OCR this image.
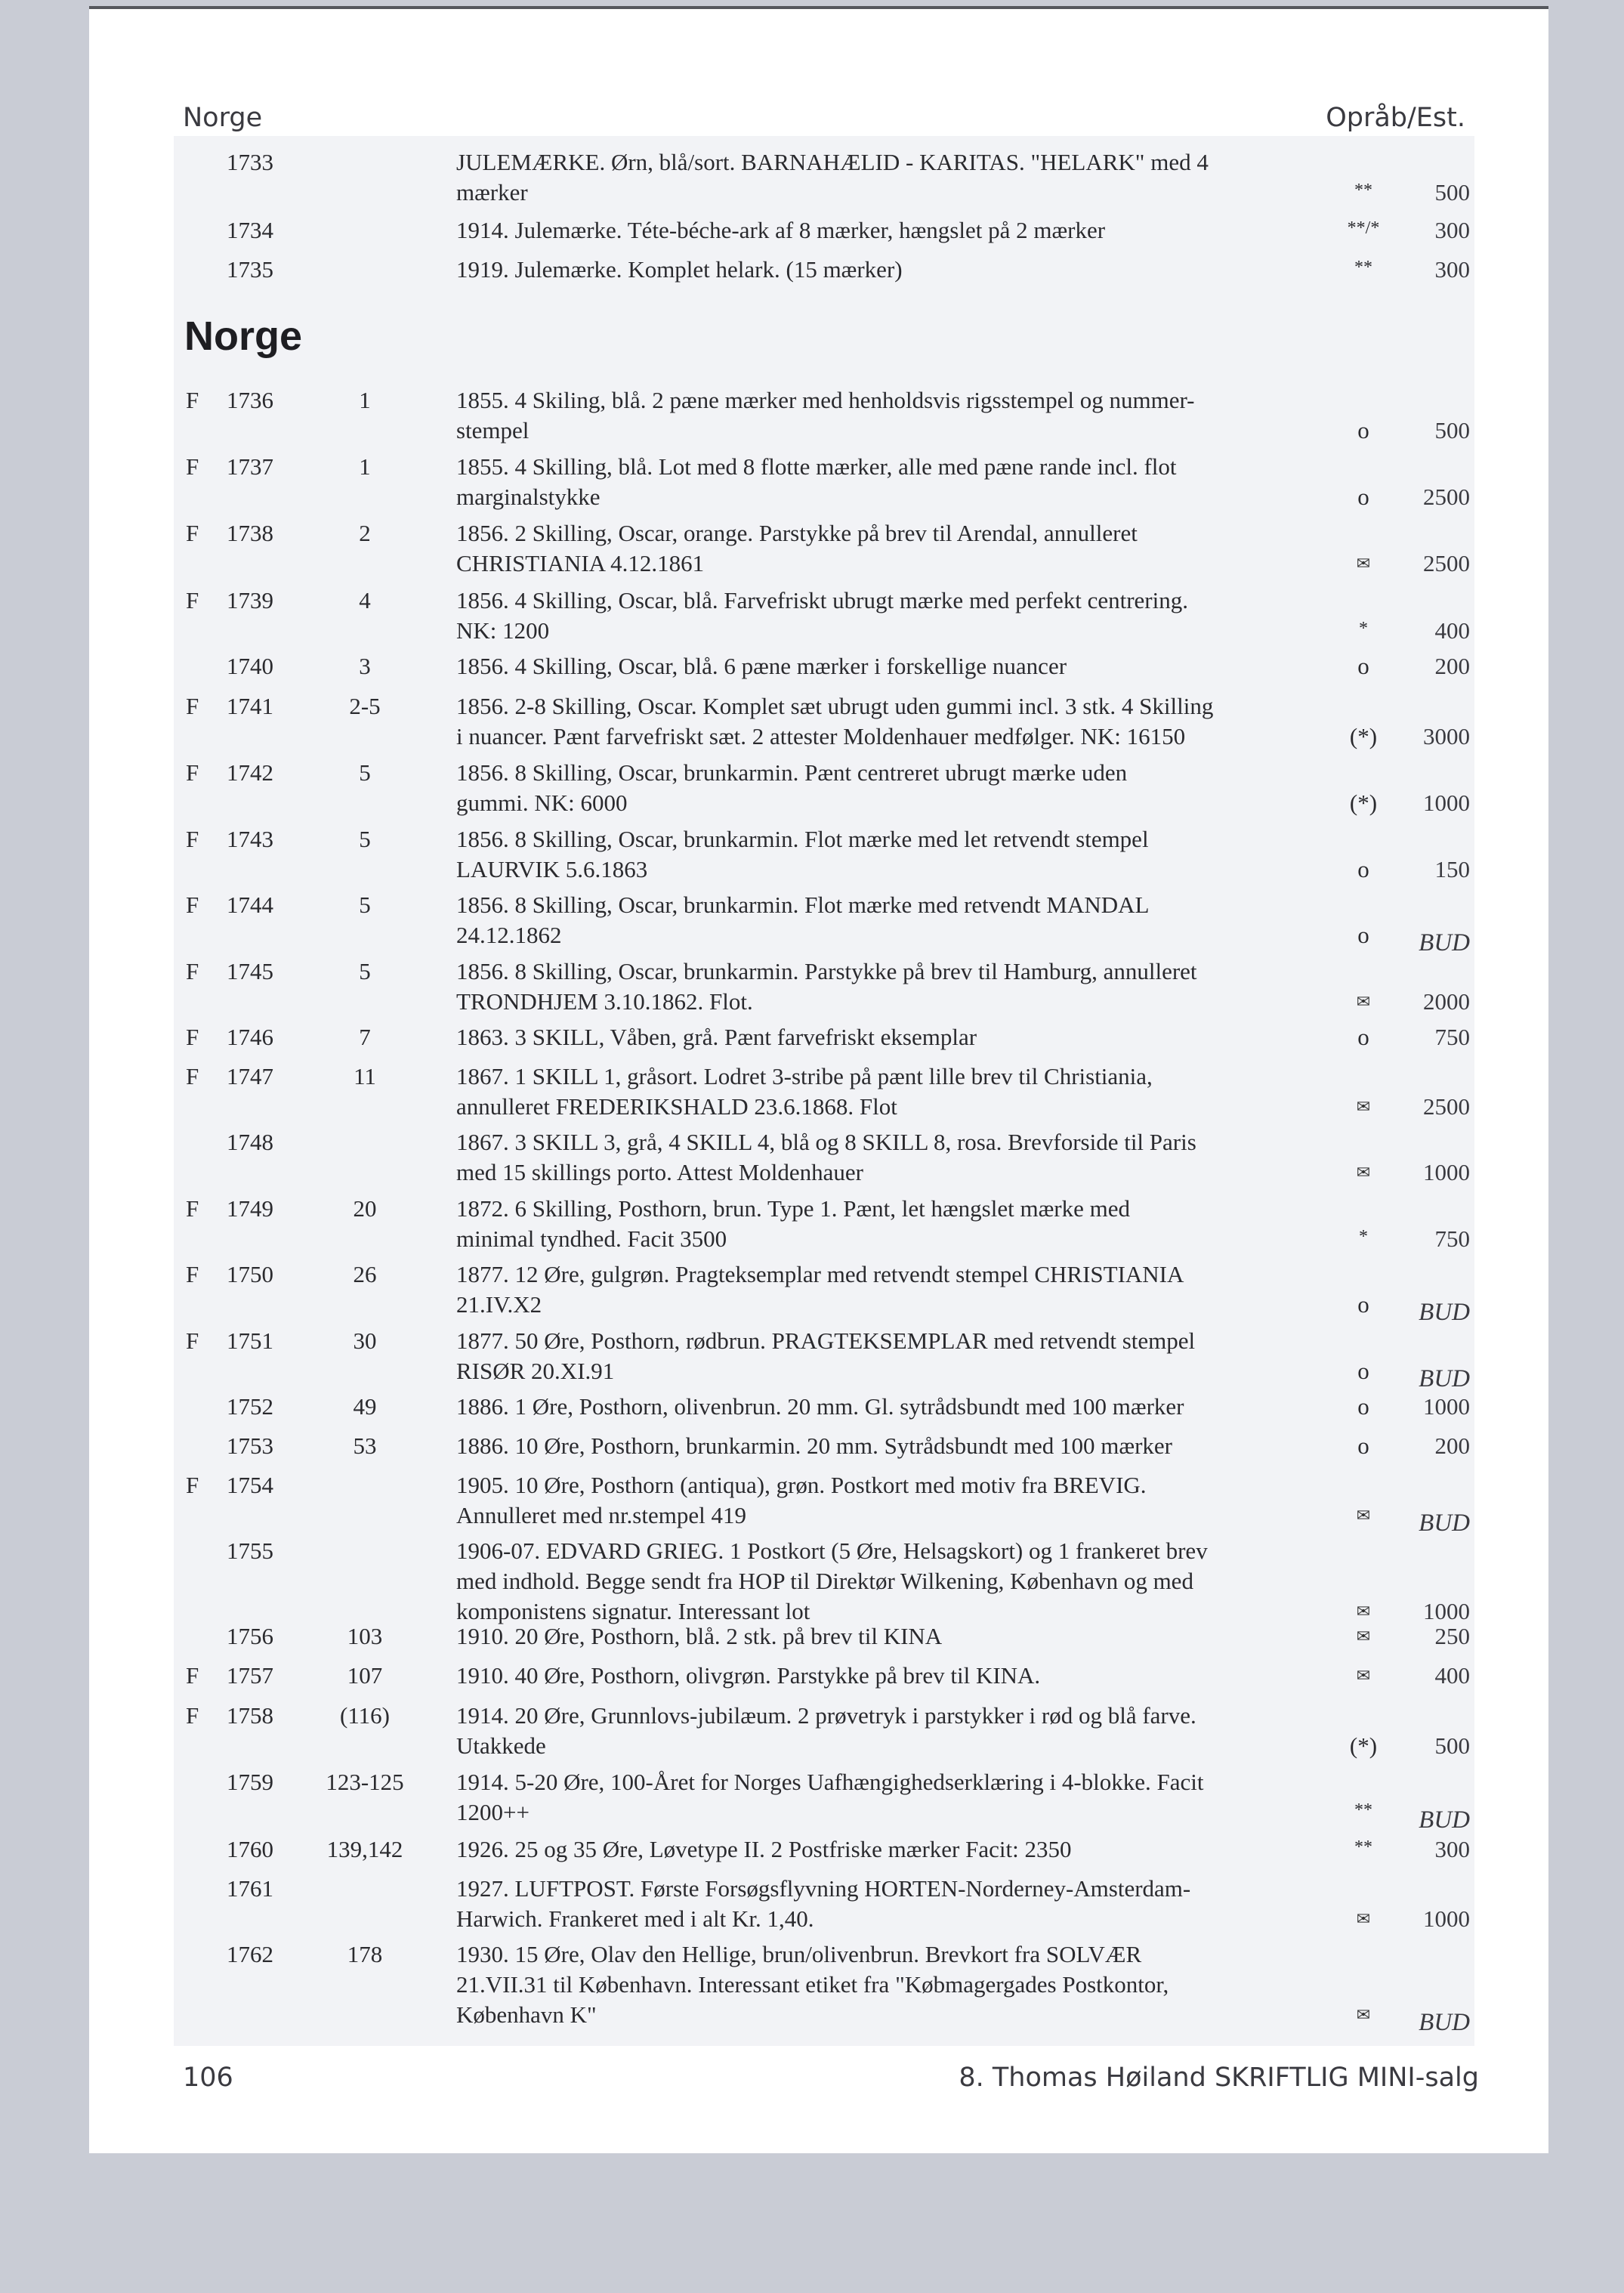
Norge	Opråb/Est.
Norge
1733	JULEMÆRKE. Ørn, blå/sort. BARNAHÆLID - KARITAS. "HELARK" med 4
mærker	**	500
1734	1914. Julemærke. Téte-béche-ark af 8 mærker, hængslet på 2 mærker	**/*	300
1735	1919. Julemærke. Komplet helark. (15 mærker)	**	300
F 1736	1	1855. 4 Skiling, blå. 2 pæne mærker med henholdsvis rigsstempel og nummer-
stempel	o	500
F 1737	1	1855. 4 Skilling, blå. Lot med 8 flotte mærker, alle med pæne rande incl. flot
marginalstykke	o	2500
F 1738	2	1856. 2 Skilling, Oscar, orange. Parstykke på brev til Arendal, annulleret
CHRISTIANIA 4.12.1861	✉	2500
F 1739	4	1856. 4 Skilling, Oscar, blå. Farvefriskt ubrugt mærke med perfekt centrering.
NK: 1200	*	400
1740	3	1856. 4 Skilling, Oscar, blå. 6 pæne mærker i forskellige nuancer	o	200
F 1741	2-5	1856. 2-8 Skilling, Oscar. Komplet sæt ubrugt uden gummi incl. 3 stk. 4 Skilling
i nuancer. Pænt farvefriskt sæt. 2 attester Moldenhauer medfølger. NK: 16150	(*)	3000
F 1742	5	1856. 8 Skilling, Oscar, brunkarmin. Pænt centreret ubrugt mærke uden
gummi. NK: 6000	(*)	1000
F 1743	5	1856. 8 Skilling, Oscar, brunkarmin. Flot mærke med let retvendt stempel
LAURVIK 5.6.1863	o	150
F 1744	5	1856. 8 Skilling, Oscar, brunkarmin. Flot mærke med retvendt MANDAL
24.12.1862	o	BUD
F 1745	5	1856. 8 Skilling, Oscar, brunkarmin. Parstykke på brev til Hamburg, annulleret
TRONDHJEM 3.10.1862. Flot.	✉	2000
F 1746	7	1863. 3 SKILL, Våben, grå. Pænt farvefriskt eksemplar	o	750
F 1747	11	1867. 1 SKILL 1, gråsort. Lodret 3-stribe på pænt lille brev til Christiania,
annulleret FREDERIKSHALD 23.6.1868. Flot	✉	2500
1748	1867. 3 SKILL 3, grå, 4 SKILL 4, blå og 8 SKILL 8, rosa. Brevforside til Paris
med 15 skillings porto. Attest Moldenhauer	✉	1000
F 1749	20	1872. 6 Skilling, Posthorn, brun. Type 1. Pænt, let hængslet mærke med
minimal tyndhed. Facit 3500	*	750
F 1750	26	1877. 12 Øre, gulgrøn. Pragteksemplar med retvendt stempel CHRISTIANIA
21.IV.X2	o	BUD
F 1751	30	1877. 50 Øre, Posthorn, rødbrun. PRAGTEKSEMPLAR med retvendt stempel
RISØR 20.XI.91	o	BUD
1752	49	1886. 1 Øre, Posthorn, olivenbrun. 20 mm. Gl. sytrådsbundt med 100 mærker	o	1000
1753	53	1886. 10 Øre, Posthorn, brunkarmin. 20 mm. Sytrådsbundt med 100 mærker	o	200
F 1754	1905. 10 Øre, Posthorn (antiqua), grøn. Postkort med motiv fra BREVIG.
Annulleret med nr.stempel 419	✉	BUD
1755	1906-07. EDVARD GRIEG. 1 Postkort (5 Øre, Helsagskort) og 1 frankeret brev
med indhold. Begge sendt fra HOP til Direktør Wilkening, København og med
komponistens signatur. Interessant lot	✉	1000
1756	103	1910. 20 Øre, Posthorn, blå. 2 stk. på brev til KINA	✉	250
F 1757	107	1910. 40 Øre, Posthorn, olivgrøn. Parstykke på brev til KINA.	✉	400
F 1758	(116)	1914. 20 Øre, Grunnlovs-jubilæum. 2 prøvetryk i parstykker i rød og blå farve.
Utakkede	(*)	500
1759	123-125	1914. 5-20 Øre, 100-Året for Norges Uafhængighedserklæring i 4-blokke. Facit
1200++	**	BUD
1760	139,142	1926. 25 og 35 Øre, Løvetype II. 2 Postfriske mærker Facit: 2350	**	300
1761	1927. LUFTPOST. Første Forsøgsflyvning HORTEN-Norderney-Amsterdam-
Harwich. Frankeret med i alt Kr. 1,40.	✉	1000
1762	178	1930. 15 Øre, Olav den Hellige, brun/olivenbrun. Brevkort fra SOLVÆR
21.VII.31 til København. Interessant etiket fra "Købmagergades Postkontor,
København K"	✉	BUD
106	8. Thomas Høiland SKRIFTLIG MINI-salg
